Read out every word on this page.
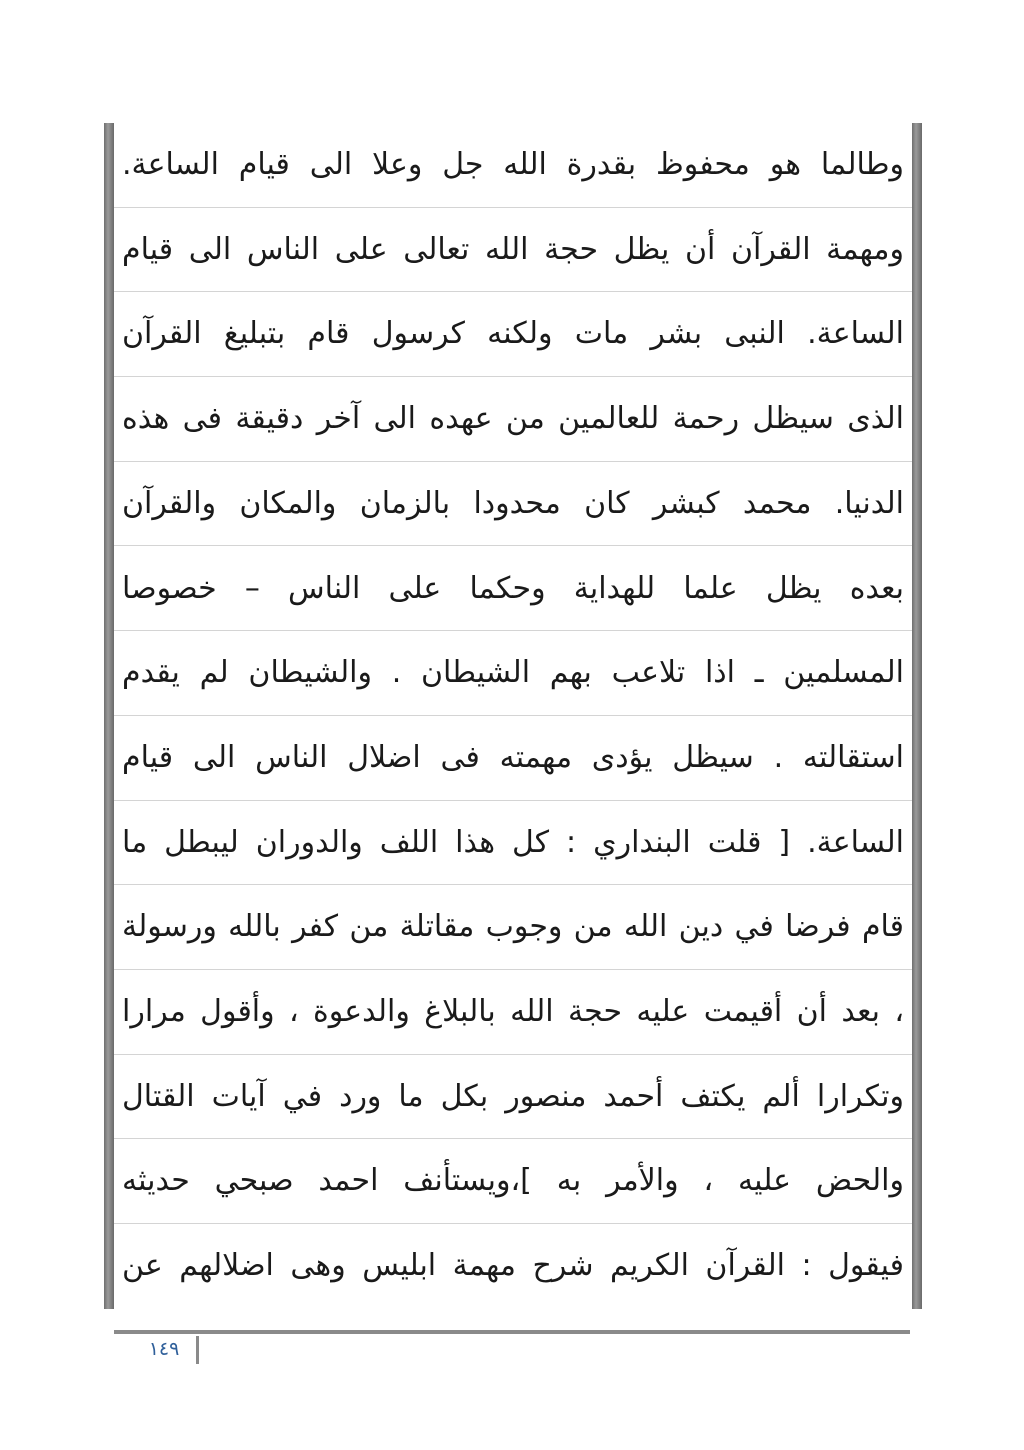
وطالما هو محفوظ بقدرة الله جل وعلا الى قيام الساعة.
ومهمة القرآن أن يظل حجة الله تعالى على الناس الى قيام
الساعة. النبى بشر مات ولكنه كرسول قام بتبليغ القرآن
الذى سيظل رحمة للعالمين من عهده الى آخر دقيقة فى هذه
الدنيا. محمد كبشر كان محدودا بالزمان والمكان والقرآن
بعده يظل علما للهداية وحكما على الناس – خصوصا
المسلمين ـ اذا تلاعب بهم الشيطان . والشيطان لم يقدم
استقالته . سيظل يؤدى مهمته فى اضلال الناس الى قيام
الساعة. [ قلت البنداري : كل هذا اللف والدوران ليبطل ما
قام فرضا في دين الله من وجوب مقاتلة من كفر بالله ورسولة
، بعد أن أقيمت عليه حجة الله بالبلاغ والدعوة ، وأقول مرارا
وتكرارا ألم يكتف أحمد منصور بكل ما ورد في آيات القتال
والحض عليه ، والأمر به ]،ويستأنف احمد صبحي حديثه
فيقول : القرآن الكريم شرح مهمة ابليس وهى اضلالهم عن
١٤٩
